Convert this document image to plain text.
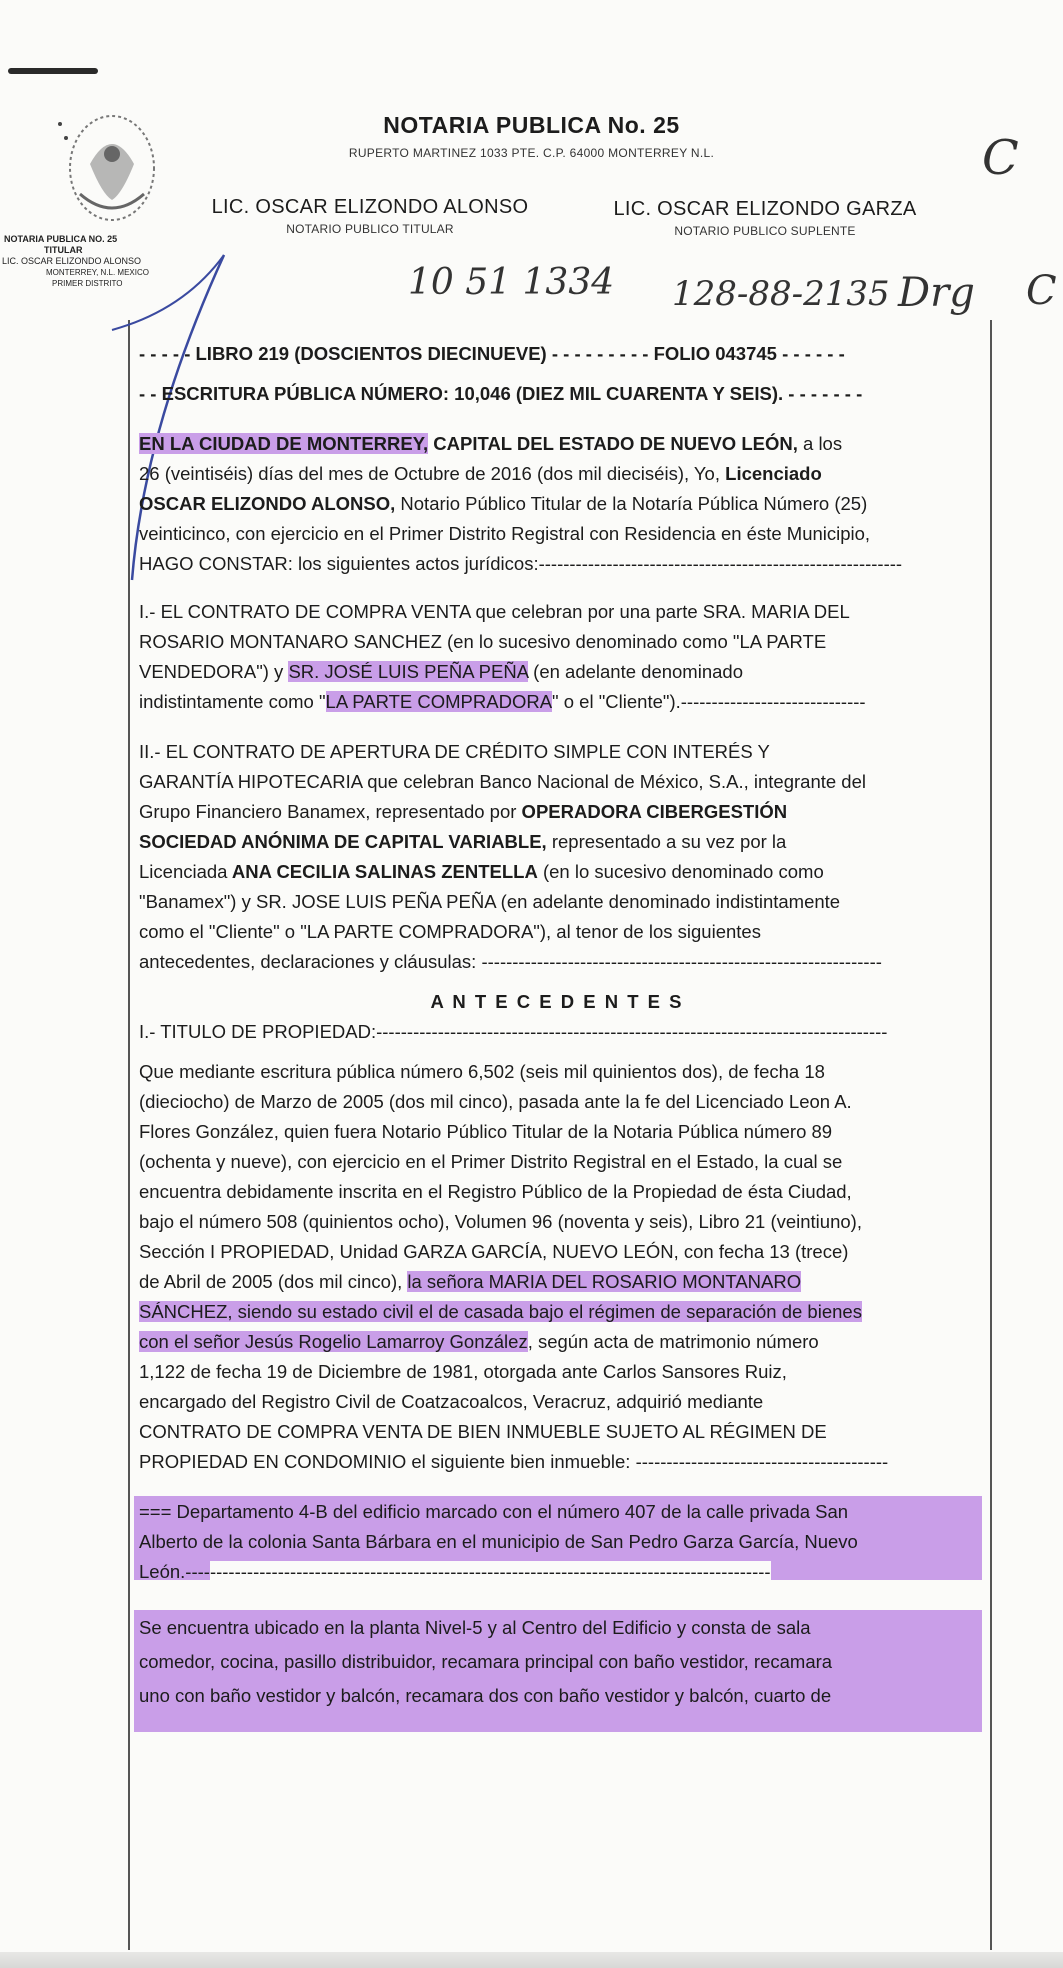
NOTARIA PUBLICA NO. 25
TITULAR
LIC. OSCAR ELIZONDO ALONSO
MONTERREY, N.L. MEXICO
PRIMER DISTRITO
NOTARIA PUBLICA No. 25
RUPERTO MARTINEZ 1033 PTE. C.P. 64000 MONTERREY N.L.
LIC. OSCAR ELIZONDO ALONSO
NOTARIO PUBLICO TITULAR
LIC. OSCAR ELIZONDO GARZA
NOTARIO PUBLICO SUPLENTE
10 51 1334 128-88-2135 Drg
C
C
- - - - - LIBRO 219 (DOSCIENTOS DIECINUEVE) - - - - - - - - - FOLIO 043745 - - - - - -
- - ESCRITURA PÚBLICA NÚMERO: 10,046 (DIEZ MIL CUARENTA Y SEIS). - - - - - - -
EN LA CIUDAD DE MONTERREY, CAPITAL DEL ESTADO DE NUEVO LEÓN, a los
26 (veintiséis) días del mes de Octubre de 2016 (dos mil dieciséis), Yo, Licenciado
OSCAR ELIZONDO ALONSO, Notario Público Titular de la Notaría Pública Número (25)
veinticinco, con ejercicio en el Primer Distrito Registral con Residencia en éste Municipio,
HAGO CONSTAR: los siguientes actos jurídicos:-----------------------------------------------------------
I.- EL CONTRATO DE COMPRA VENTA que celebran por una parte SRA. MARIA DEL
ROSARIO MONTANARO SANCHEZ (en lo sucesivo denominado como "LA PARTE
VENDEDORA") y SR. JOSÉ LUIS PEÑA PEÑA (en adelante denominado
indistintamente como "LA PARTE COMPRADORA" o el "Cliente").------------------------------
II.- EL CONTRATO DE APERTURA DE CRÉDITO SIMPLE CON INTERÉS Y
GARANTÍA HIPOTECARIA que celebran Banco Nacional de México, S.A., integrante del
Grupo Financiero Banamex, representado por OPERADORA CIBERGESTIÓN
SOCIEDAD ANÓNIMA DE CAPITAL VARIABLE, representado a su vez por la
Licenciada ANA CECILIA SALINAS ZENTELLA (en lo sucesivo denominado como
"Banamex") y SR. JOSE LUIS PEÑA PEÑA (en adelante denominado indistintamente
como el "Cliente" o "LA PARTE COMPRADORA"), al tenor de los siguientes
antecedentes, declaraciones y cláusulas: -----------------------------------------------------------------
A N T E C E D E N T E S
I.- TITULO DE PROPIEDAD:-----------------------------------------------------------------------------------
Que mediante escritura pública número 6,502 (seis mil quinientos dos), de fecha 18
(dieciocho) de Marzo de 2005 (dos mil cinco), pasada ante la fe del Licenciado Leon A.
Flores González, quien fuera Notario Público Titular de la Notaria Pública número 89
(ochenta y nueve), con ejercicio en el Primer Distrito Registral en el Estado, la cual se
encuentra debidamente inscrita en el Registro Público de la Propiedad de ésta Ciudad,
bajo el número 508 (quinientos ocho), Volumen 96 (noventa y seis), Libro 21 (veintiuno),
Sección I PROPIEDAD, Unidad GARZA GARCÍA, NUEVO LEÓN, con fecha 13 (trece)
de Abril de 2005 (dos mil cinco), la señora MARIA DEL ROSARIO MONTANARO
SÁNCHEZ, siendo su estado civil el de casada bajo el régimen de separación de bienes
con el señor Jesús Rogelio Lamarroy González, según acta de matrimonio número
1,122 de fecha 19 de Diciembre de 1981, otorgada ante Carlos Sansores Ruiz,
encargado del Registro Civil de Coatzacoalcos, Veracruz, adquirió mediante
CONTRATO DE COMPRA VENTA DE BIEN INMUEBLE SUJETO AL RÉGIMEN DE
PROPIEDAD EN CONDOMINIO el siguiente bien inmueble: -----------------------------------------
=== Departamento 4-B del edificio marcado con el número 407 de la calle privada San
Alberto de la colonia Santa Bárbara en el municipio de San Pedro Garza García, Nuevo
León.-----------------------------------------------------------------------------------------------
Se encuentra ubicado en la planta Nivel-5 y al Centro del Edificio y consta de sala
comedor, cocina, pasillo distribuidor, recamara principal con baño vestidor, recamara
uno con baño vestidor y balcón, recamara dos con baño vestidor y balcón, cuarto de
